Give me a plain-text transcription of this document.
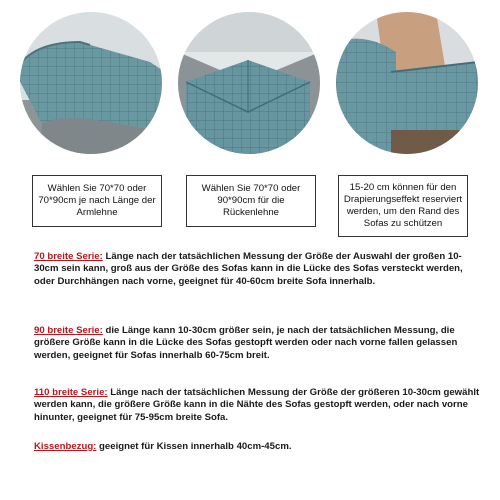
Wählen Sie 70*70 oder 70*90cm je nach Länge der Armlehne
Wählen Sie 70*70 oder 90*90cm für die Rückenlehne
15-20 cm können für den Drapierungseffekt reserviert werden, um den Rand des Sofas zu schützen
70 breite Serie: Länge nach der tatsächlichen Messung der Größe der Auswahl der großen 10-30cm sein kann, groß aus der Größe des Sofas kann in die Lücke des Sofas versteckt werden, oder Durchhängen nach vorne, geeignet für 40-60cm breite Sofa innerhalb.
90 breite Serie: die Länge kann 10-30cm größer sein, je nach der tatsächlichen Messung, die größere Größe kann in die Lücke des Sofas gestopft werden oder nach vorne fallen gelassen werden, geeignet für Sofas innerhalb 60-75cm breit.
110 breite Serie: Länge nach der tatsächlichen Messung der Größe der größeren 10-30cm gewählt werden kann, die größere Größe kann in die Nähte des Sofas gestopft werden, oder nach vorne hinunter, geeignet für 75-95cm breite Sofa.
Kissenbezug: geeignet für Kissen innerhalb 40cm-45cm.
